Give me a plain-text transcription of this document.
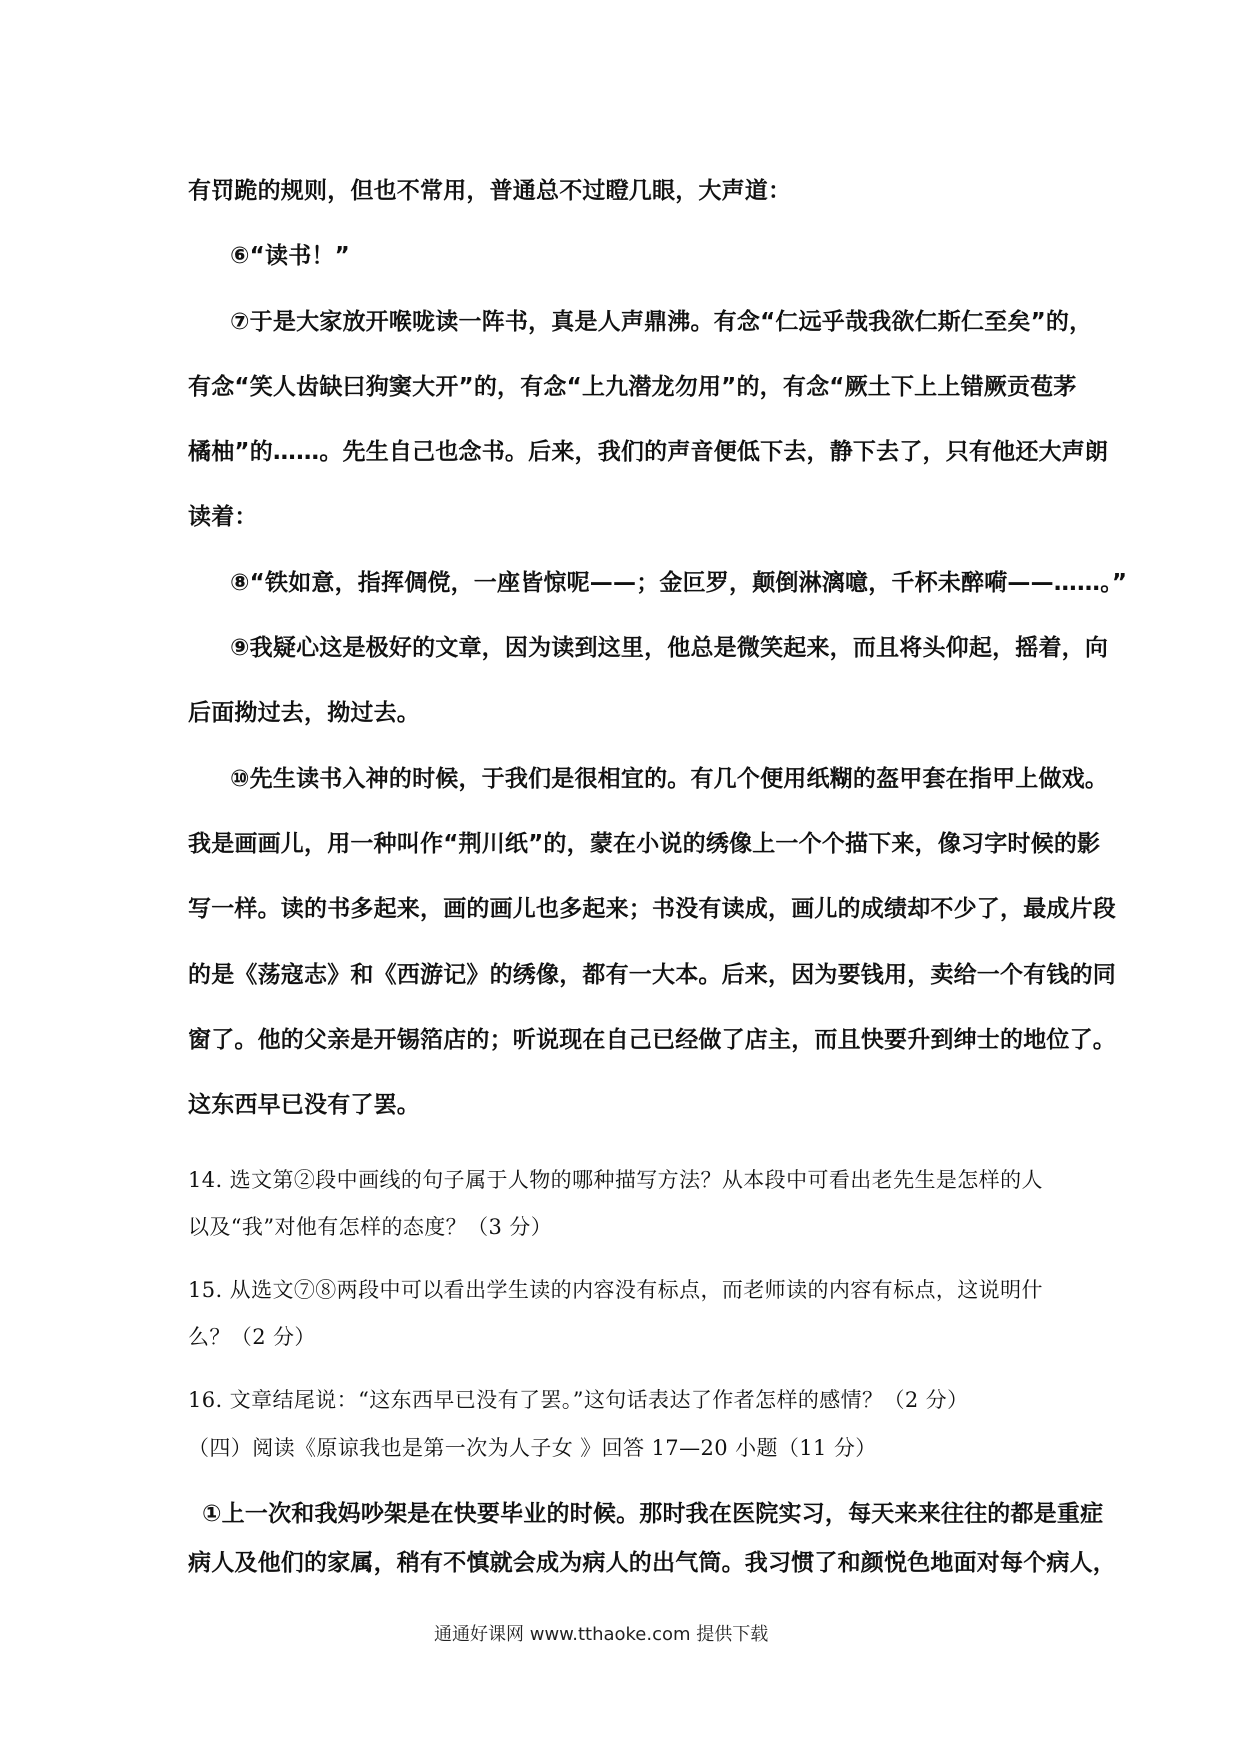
有罚跪的规则，但也不常用，普通总不过瞪几眼，大声道：
⑥“读书！”
⑦于是大家放开喉咙读一阵书，真是人声鼎沸。有念“仁远乎哉我欲仁斯仁至矣”的，
有念“笑人齿缺曰狗窦大开”的，有念“上九潜龙勿用”的，有念“厥土下上上错厥贡苞茅
橘柚”的……。先生自己也念书。后来，我们的声音便低下去，静下去了，只有他还大声朗
读着：
⑧“铁如意，指挥倜傥，一座皆惊呢——；金叵罗，颠倒淋漓噫，千杯未醉嗬——……。”
⑨我疑心这是极好的文章，因为读到这里，他总是微笑起来，而且将头仰起，摇着，向
后面拗过去，拗过去。
⑩先生读书入神的时候，于我们是很相宜的。有几个便用纸糊的盔甲套在指甲上做戏。
我是画画儿，用一种叫作“荆川纸”的，蒙在小说的绣像上一个个描下来，像习字时候的影
写一样。读的书多起来，画的画儿也多起来；书没有读成，画儿的成绩却不少了，最成片段
的是《荡寇志》和《西游记》的绣像，都有一大本。后来，因为要钱用，卖给一个有钱的同
窗了。他的父亲是开锡箔店的；听说现在自己已经做了店主，而且快要升到绅士的地位了。
这东西早已没有了罢。
14. 选文第②段中画线的句子属于人物的哪种描写方法？从本段中可看出老先生是怎样的人
以及“我”对他有怎样的态度？（3 分）
15. 从选文⑦⑧两段中可以看出学生读的内容没有标点，而老师读的内容有标点，这说明什
么？（2 分）
16. 文章结尾说：“这东西早已没有了罢。”这句话表达了作者怎样的感情？（2 分）
（四）阅读《原谅我也是第一次为人子女 》回答 17—20 小题（11 分）
①上一次和我妈吵架是在快要毕业的时候。那时我在医院实习，每天来来往往的都是重症
病人及他们的家属，稍有不慎就会成为病人的出气筒。我习惯了和颜悦色地面对每个病人，
通通好课网 www.tthaoke.com 提供下载
